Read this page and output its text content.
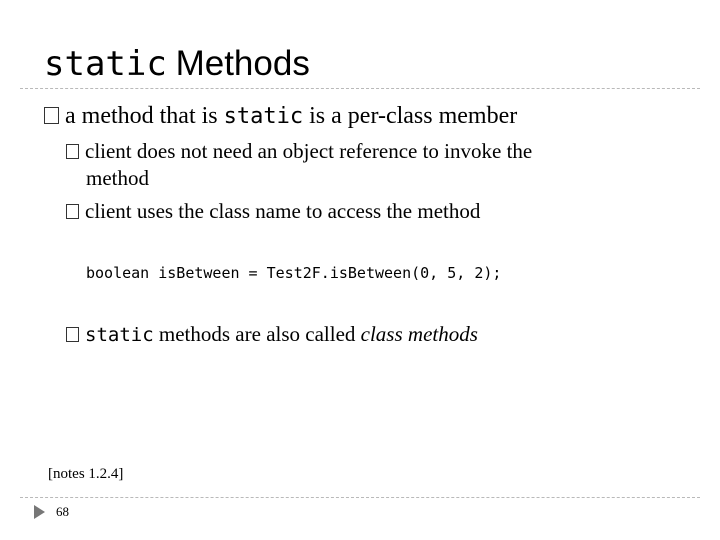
static Methods
a method that is static is a per-class member
client does not need an object reference to invoke the
method
client uses the class name to access the method
boolean isBetween = Test2F.isBetween(0, 5, 2);
static methods are also called class methods
[notes 1.2.4]
68
